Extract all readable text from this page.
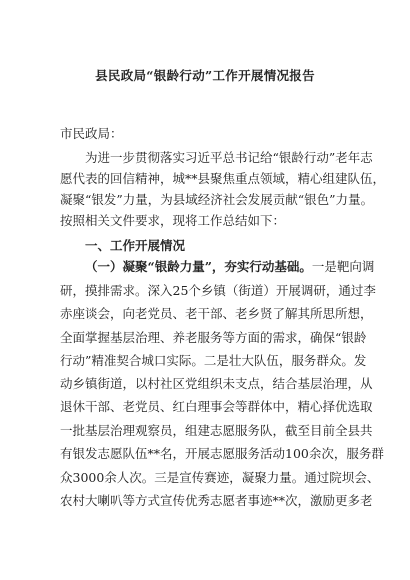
县民政局“银龄行动”工作开展情况报告
市民政局：
为进一步贯彻落实习近平总书记给“银龄行动”老年志
愿代表的回信精神，城**县聚焦重点领域，精心组建队伍，
凝聚“银发”力量，为县域经济社会发展贡献“银色”力量。
按照相关文件要求，现将工作总结如下：
一、工作开展情况
（一）凝聚“银龄力量”，夯实行动基础。一是靶向调
研，摸排需求。深入25个乡镇（街道）开展调研，通过李
赤座谈会，向老党员、老干部、老乡贤了解其所思所想，
全面掌握基层治理、养老服务等方面的需求，确保“银龄
行动”精准契合城口实际。二是壮大队伍，服务群众。发
动乡镇街道，以村社区党组织未支点，结合基层治理，从
退休干部、老党员、红白理事会等群体中，精心择优选取
一批基层治理观察员，组建志愿服务队，截至目前全县共
有银发志愿队伍**名，开展志愿服务活动100余次，服务群
众3000余人次。三是宣传赛迹，凝聚力量。通过院坝会、
农村大喇叭等方式宣传优秀志愿者事迹**次，激励更多老
